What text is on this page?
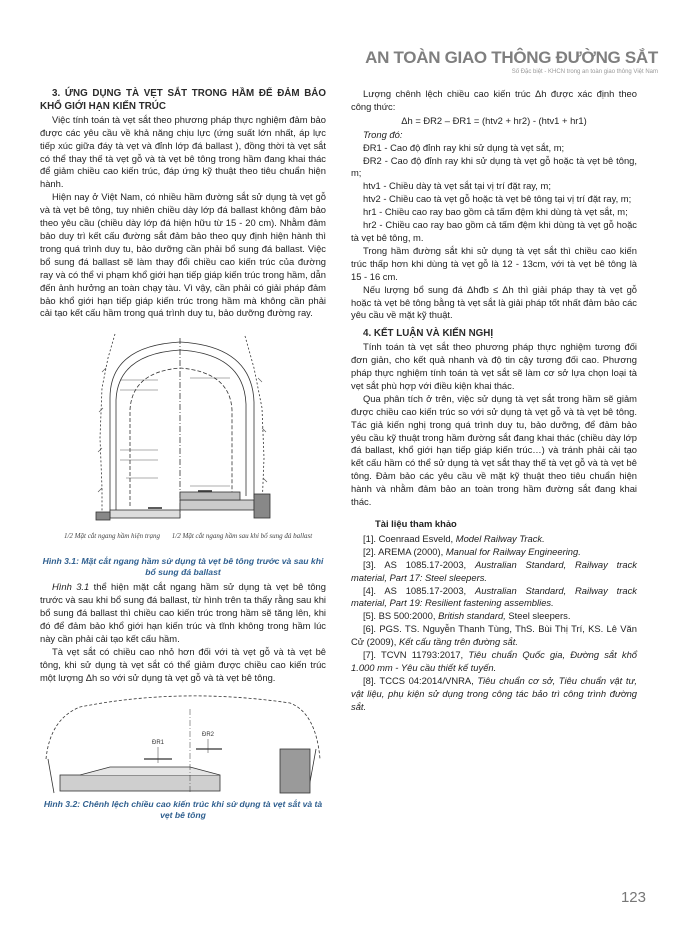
AN TOÀN GIAO THÔNG ĐƯỜNG SẮT
Số Đặc biệt - KHCN trong an toàn giao thông Việt Nam

3. ỨNG DỤNG TÀ VẸT SẮT TRONG HẦM ĐỂ ĐẢM BẢO KHỔ GIỚI HẠN KIẾN TRÚC

Việc tính toán tà vẹt sắt theo phương pháp thực nghiệm đảm bảo được các yêu cầu về khả năng chịu lực (ứng suất lớn nhất, áp lực tiếp xúc giữa đáy tà vẹt và đỉnh lớp đá ballast ), đồng thời tà vẹt sắt có thể thay thế tà vẹt gỗ và tà vẹt bê tông trong hầm đang khai thác để giảm chiều cao kiến trúc, đáp ứng kỹ thuật theo tiêu chuẩn hiện hành.

Hiện nay ở Việt Nam, có nhiều hầm đường sắt sử dụng tà vẹt gỗ và tà vẹt bê tông, tuy nhiên chiều dày lớp đá ballast không đảm bảo theo yêu cầu (chiều dày lớp đá hiện hữu từ 15 - 20 cm). Nhằm đảm bảo duy trì kết cấu đường sắt đảm bảo theo quy định hiện hành thì trong quá trình duy tu, bảo dưỡng cần phải bổ sung đá ballast. Việc bổ sung đá ballast sẽ làm thay đổi chiều cao kiến trúc của đường ray và có thể vi phạm khổ giới hạn tiếp giáp kiến trúc trong hầm, dẫn đến ảnh hưởng an toàn chạy tàu. Vì vậy, cần phải có giải pháp đảm bảo khổ giới hạn tiếp giáp kiến trúc trong hầm mà không cần phải cải tạo kết cấu hầm trong quá trình duy tu, bảo dưỡng đường ray.

1/2 Mặt cắt ngang hầm hiện trạng 1/2 Mặt cắt ngang hầm sau khi bổ sung đá ballast
Hình 3.1: Mặt cắt ngang hầm sử dụng tà vẹt bê tông trước và sau khi bổ sung đá ballast

Hình 3.1 thể hiện mặt cắt ngang hầm sử dụng tà vẹt bê tông trước và sau khi bổ sung đá ballast, từ hình trên ta thấy rằng sau khi bổ sung đá ballast thì chiều cao kiến trúc trong hầm sẽ tăng lên, khi đó để đảm bảo khổ giới hạn kiến trúc và tĩnh không trong hầm lúc này cần phải cải tạo kết cấu hầm.

Tà vẹt sắt có chiều cao nhỏ hơn đối với tà vẹt gỗ và tà vẹt bê tông, khi sử dụng tà vẹt sắt có thể giảm được chiều cao kiến trúc một lượng Δh so với sử dụng tà vẹt gỗ và tà vẹt bê tông.

ĐR1
ĐR2
Hình 3.2: Chênh lệch chiều cao kiến trúc khi sử dụng tà vẹt sắt và tà vẹt bê tông

Lượng chênh lệch chiều cao kiến trúc Δh được xác định theo công thức:

Δh = ĐR2 – ĐR1 = (htv2 + hr2) - (htv1 + hr1)

Trong đó:

ĐR1 - Cao độ đỉnh ray khi sử dụng tà vẹt sắt, m;

ĐR2 - Cao độ đỉnh ray khi sử dụng tà vẹt gỗ hoặc tà vẹt bê tông, m;

htv1 - Chiều dày tà vẹt sắt tại vị trí đặt ray, m;

htv2 - Chiều cao tà vẹt gỗ hoặc tà vẹt bê tông tại vị trí đặt ray, m;

hr1 - Chiều cao ray bao gồm cả tấm đệm khi dùng tà vẹt sắt, m;

hr2 - Chiều cao ray bao gồm cả tấm đệm khi dùng tà vẹt gỗ hoặc tà vẹt bê tông, m.

Trong hầm đường sắt khi sử dụng tà vẹt sắt thì chiều cao kiến trúc thấp hơn khi dùng tà vẹt gỗ là 12 - 13cm, với tà vẹt bê tông là 15 - 16 cm.

Nếu lượng bổ sung đá Δhđb ≤ Δh thì giải pháp thay tà vẹt gỗ hoặc tà vẹt bê tông bằng tà vẹt sắt là giải pháp tốt nhất đảm bảo các yêu cầu về mặt kỹ thuật.

4. KẾT LUẬN VÀ KIẾN NGHỊ

Tính toán tà vẹt sắt theo phương pháp thực nghiệm tương đối đơn giản, cho kết quả nhanh và độ tin cậy tương đối cao. Phương pháp thực nghiệm tính toán tà vẹt sắt sẽ làm cơ sở lựa chọn loại tà vẹt sắt phù hợp với điều kiện khai thác.

Qua phân tích ở trên, việc sử dụng tà vẹt sắt trong hầm sẽ giảm được chiều cao kiến trúc so với sử dụng tà vẹt gỗ và tà vẹt bê tông. Tác giả kiến nghị trong quá trình duy tu, bảo dưỡng, để đảm bảo yêu cầu kỹ thuật trong hầm đường sắt đang khai thác (chiều dày lớp đá ballast, khổ giới hạn tiếp giáp kiến trúc…) và tránh phải cải tạo kết cấu hầm có thể sử dụng tà vẹt sắt thay thế tà vẹt gỗ và tà vẹt bê tông. Đảm bảo các yêu cầu về mặt kỹ thuật theo tiêu chuẩn hiện hành và nhằm đảm bảo an toàn trong hầm đường sắt đang khai thác.

Tài liệu tham khảo

[1]. Coenraad Esveld, Model Railway Track.

[2]. AREMA (2000), Manual for Railway Engineering.

[3]. AS 1085.17-2003, Australian Standard, Railway track material, Part 17: Steel sleepers.

[4]. AS 1085.17-2003, Australian Standard, Railway track material, Part 19: Resilient fastening assemblies.

[5]. BS 500:2000, British standard, Steel sleepers.

[6]. PGS. TS. Nguyễn Thanh Tùng, ThS. Bùi Thị Trí, KS. Lê Văn Cử (2009), Kết cấu tầng trên đường sắt.

[7]. TCVN 11793:2017, Tiêu chuẩn Quốc gia, Đường sắt khổ 1.000 mm - Yêu cầu thiết kế tuyến.

[8]. TCCS 04:2014/VNRA, Tiêu chuẩn cơ sở, Tiêu chuẩn vật tư, vật liệu, phụ kiện sử dụng trong công tác bảo trì công trình đường sắt.

123
